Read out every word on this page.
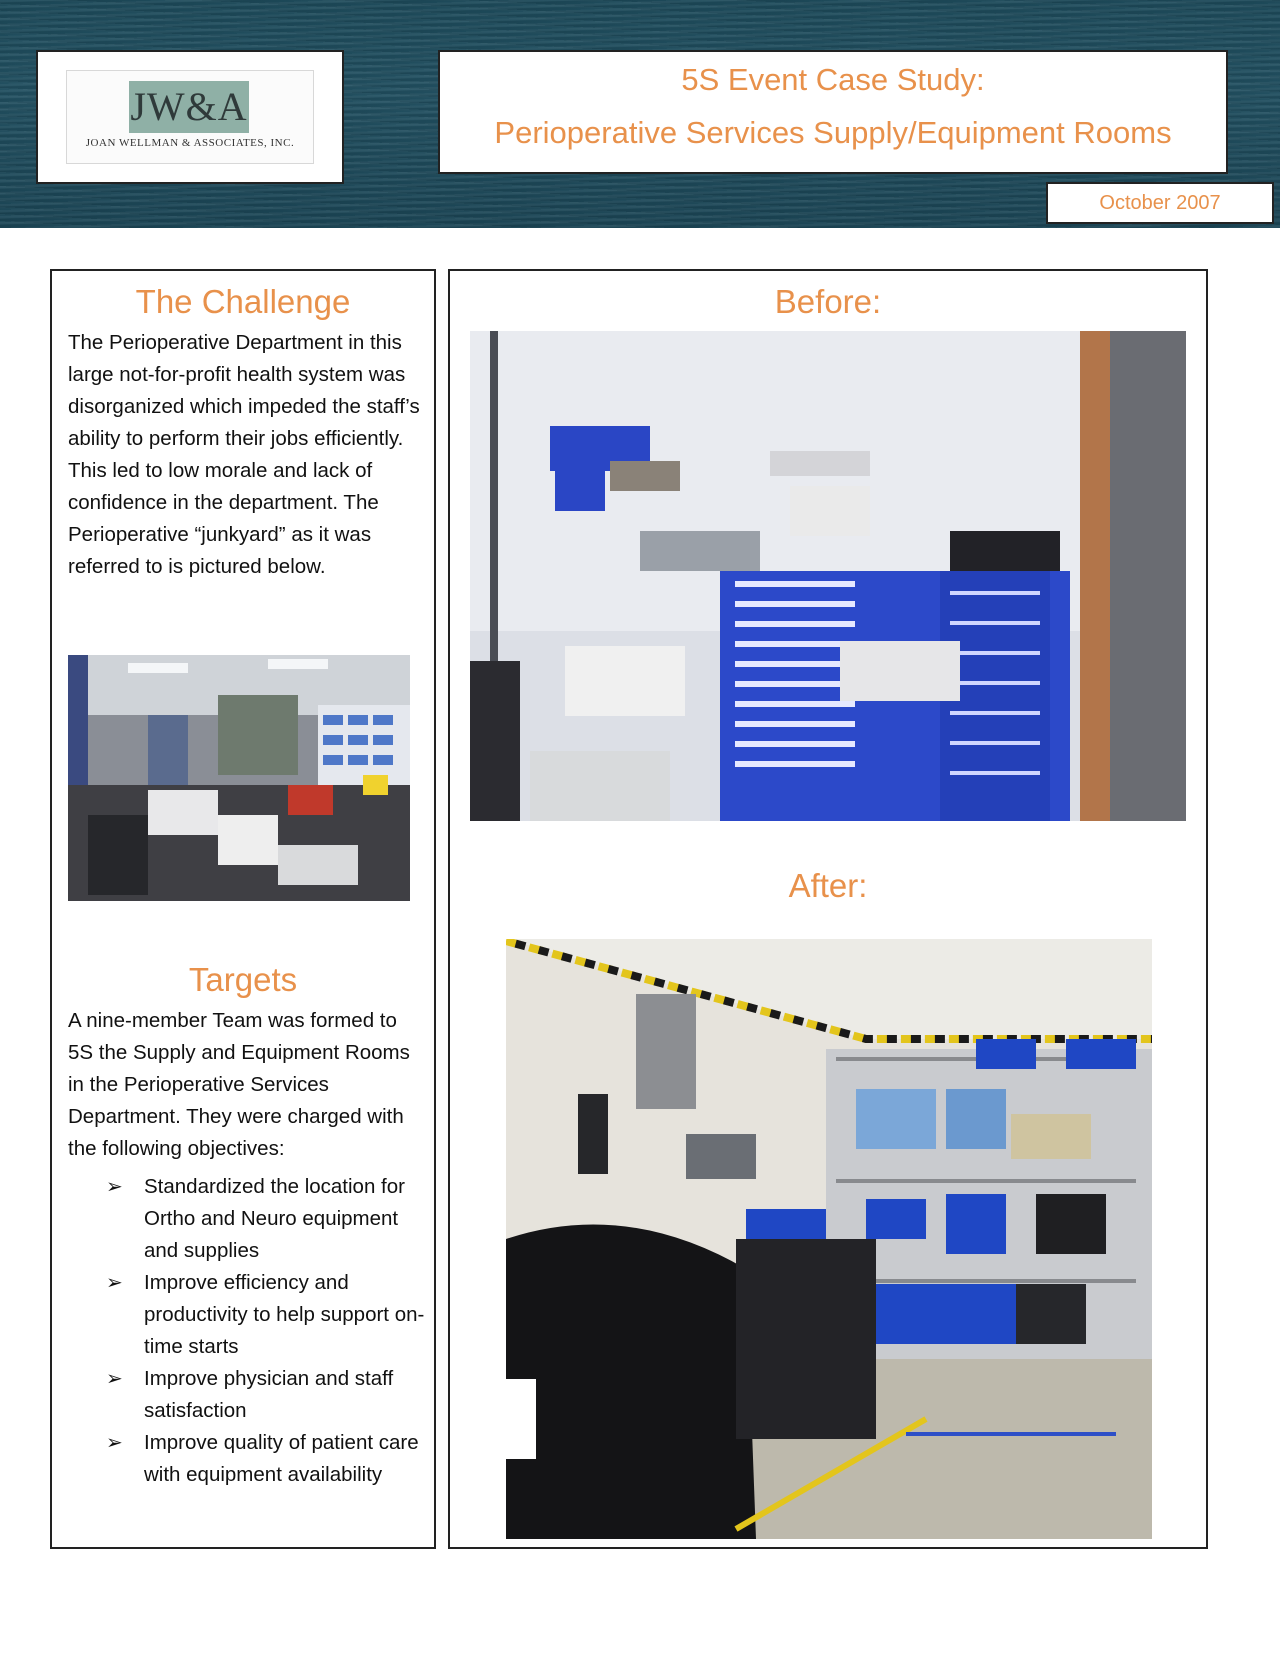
JW&A
JOAN WELLMAN & ASSOCIATES, INC.
5S Event Case Study:
Perioperative Services Supply/Equipment Rooms
October 2007
The Challenge
The Perioperative Department in this large not-for-profit health system was disorganized which impeded the staff’s ability to perform their jobs efficiently. This led to low morale and lack of confidence in the department. The Perioperative “junkyard” as it was referred to is pictured below.
Targets
A nine-member Team was formed to 5S the Supply and Equipment Rooms in the Perioperative Services Department. They were charged with the following objectives:
➢ Standardized the location for Ortho and Neuro equipment and supplies
➢ Improve efficiency and productivity to help support on-time starts
➢ Improve physician and staff satisfaction
➢ Improve quality of patient care with equipment availability
Before:
After:
